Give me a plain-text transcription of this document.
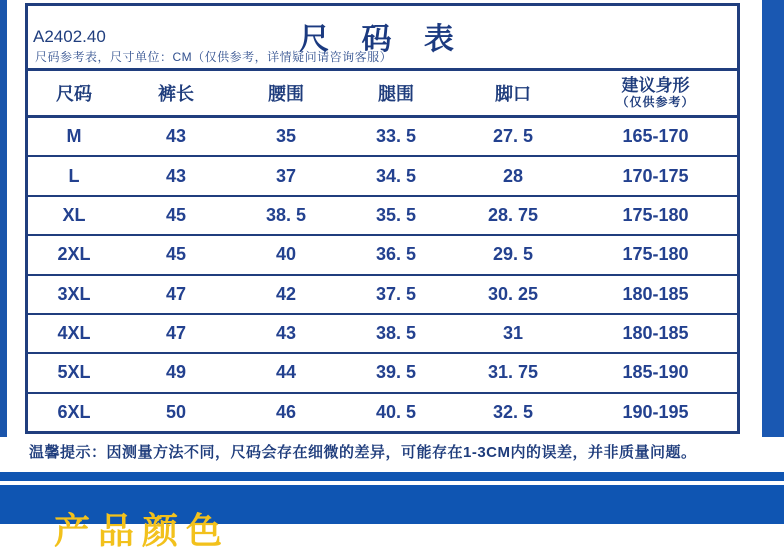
尺 码 表
A2402.40
尺码参考表，尺寸单位：CM（仅供参考，详情疑问请咨询客服）
尺码	裤长	腰围	腿围	脚口	建议身形
（仅供参考）
M	43	35	33. 5	27. 5	165-170
L	43	37	34. 5	28	170-175
XL	45	38. 5	35. 5	28. 75	175-180
2XL	45	40	36. 5	29. 5	175-180
3XL	47	42	37. 5	30. 25	180-185
4XL	47	43	38. 5	31	180-185
5XL	49	44	39. 5	31. 75	185-190
6XL	50	46	40. 5	32. 5	190-195
温馨提示：因测量方法不同，尺码会存在细微的差异，可能存在1-3CM内的误差，并非质量问题。
产品颜色
